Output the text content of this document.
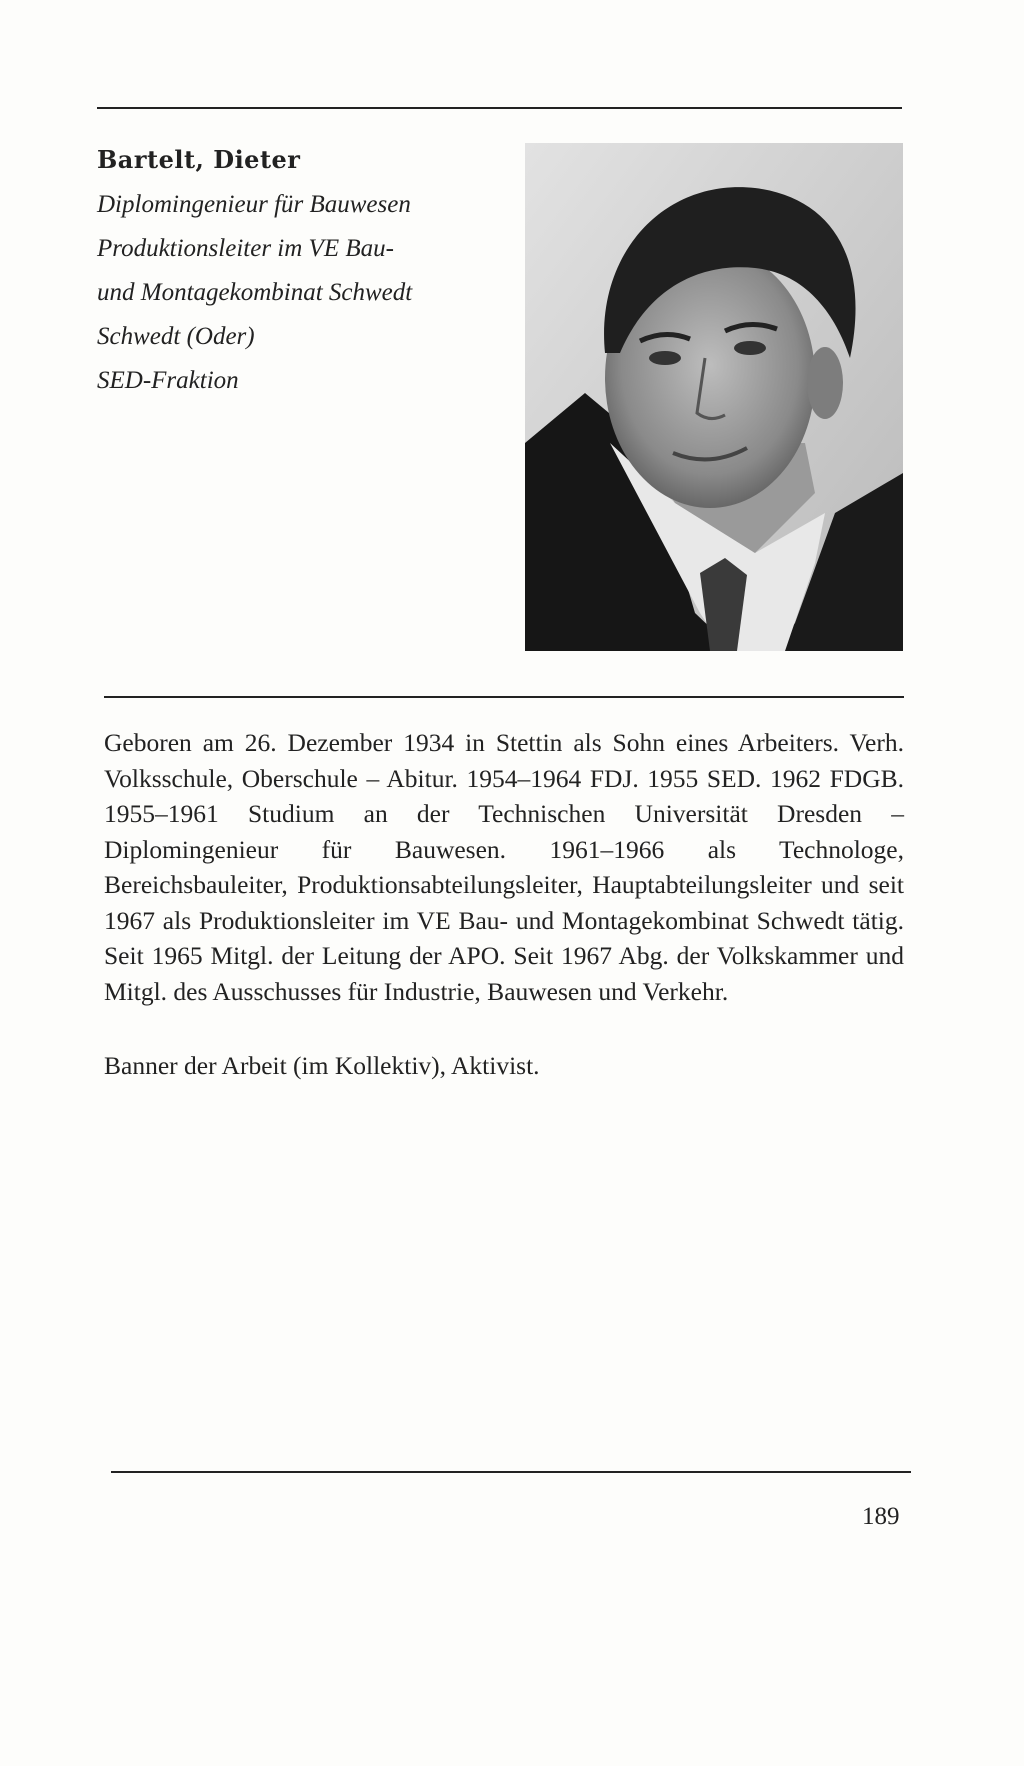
Bartelt, Dieter
Diplomingenieur für Bauwesen
Produktionsleiter im VE Bau-
und Montagekombinat Schwedt
Schwedt (Oder)
SED-Fraktion

Geboren am 26. Dezember 1934 in Stettin als Sohn eines Arbeiters. Verh. Volksschule, Oberschule – Abitur. 1954–1964 FDJ. 1955 SED. 1962 FDGB. 1955–1961 Studium an der Technischen Universität Dresden – Diplomingenieur für Bauwesen. 1961–1966 als Technologe, Bereichsbauleiter, Produktionsabteilungsleiter, Hauptabteilungsleiter und seit 1967 als Produktionsleiter im VE Bau- und Montagekombinat Schwedt tätig. Seit 1965 Mitgl. der Leitung der APO. Seit 1967 Abg. der Volkskammer und Mitgl. des Ausschusses für Industrie, Bauwesen und Verkehr.

Banner der Arbeit (im Kollektiv), Aktivist.
189
